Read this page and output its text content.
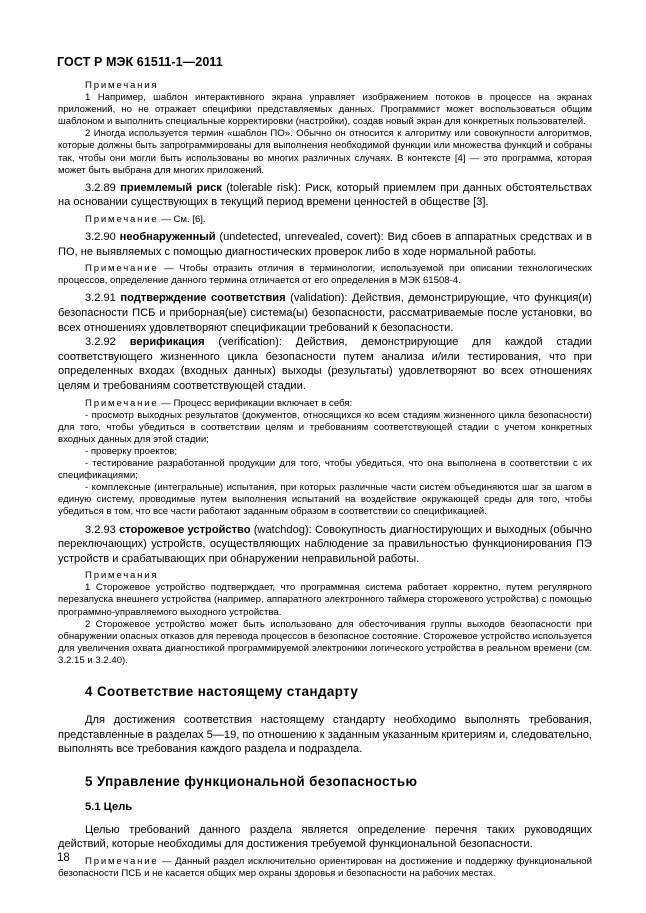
ГОСТ Р МЭК 61511-1—2011

Примечания

1 Например, шаблон интерактивного экрана управляет изображением потоков в процессе на экранах приложений, но не отражает специфики представляемых данных. Программист может воспользоваться общим шаблоном и выполнить специальные корректировки (настройки), создав новый экран для конкретных пользователей.

2 Иногда используется термин «шаблон ПО». Обычно он относится к алгоритму или совокупности алгоритмов, которые должны быть запрограммированы для выполнения необходимой функции или множества функций и собраны так, чтобы они могли быть использованы во многих различных случаях. В контексте [4] — это программа, которая может быть выбрана для многих приложений.

3.2.89 приемлемый риск (tolerable risk): Риск, который приемлем при данных обстоятельствах на основании существующих в текущий период времени ценностей в обществе [3].

Примечание — См. [6].

3.2.90 необнаруженный (undetected, unrevealed, covert): Вид сбоев в аппаратных средствах и в ПО, не выявляемых с помощью диагностических проверок либо в ходе нормальной работы.

Примечание — Чтобы отразить отличия в терминологии, используемой при описании технологических процессов, определение данного термина отличается от его определения в МЭК 61508-4.

3.2.91 подтверждение соответствия (validation): Действия, демонстрирующие, что функция(и) безопасности ПСБ и приборная(ые) система(ы) безопасности, рассматриваемые после установки, во всех отношениях удовлетворяют спецификации требований к безопасности.

3.2.92 верификация (verification): Действия, демонстрирующие для каждой стадии соответствующего жизненного цикла безопасности путем анализа и/или тестирования, что при определенных входах (входных данных) выходы (результаты) удовлетворяют во всех отношениях целям и требованиям соответствующей стадии.

Примечание — Процесс верификации включает в себя:

- просмотр выходных результатов (документов, относящихся ко всем стадиям жизненного цикла безопасности) для того, чтобы убедиться в соответствии целям и требованиям соответствующей стадии с учетом конкретных входных данных для этой стадии;

- проверку проектов;

- тестирование разработанной продукции для того, чтобы убедиться, что она выполнена в соответствии с их спецификациями;

- комплексные (интегральные) испытания, при которых различные части систем объединяются шаг за шагом в единую систему, проводимые путем выполнения испытаний на воздействие окружающей среды для того, чтобы убедиться в том, что все части работают заданным образом в соответствии со спецификацией.

3.2.93 сторожевое устройство (watchdog): Совокупность диагностирующих и выходных (обычно переключающих) устройств, осуществляющих наблюдение за правильностью функционирования ПЭ устройств и срабатывающих при обнаружении неправильной работы.

Примечания

1 Сторожевое устройство подтверждает, что программная система работает корректно, путем регулярного перезапуска внешнего устройства (например, аппаратного электронного таймера сторожевого устройства) с помощью программно-управляемого выходного устройства.

2 Сторожевое устройство может быть использовано для обесточивания группы выходов безопасности при обнаружении опасных отказов для перевода процессов в безопасное состояние. Сторожевое устройство используется для увеличения охвата диагностикой программируемой электроники логического устройства в реальном времени (см. 3.2.15 и 3.2.40).

4 Соответствие настоящему стандарту

Для достижения соответствия настоящему стандарту необходимо выполнять требования, представленные в разделах 5—19, по отношению к заданным указанным критериям и, следовательно, выполнять все требования каждого раздела и подраздела.

5 Управление функциональной безопасностью
5.1 Цель

Целью требований данного раздела является определение перечня таких руководящих действий, которые необходимы для достижения требуемой функциональной безопасности.

Примечание — Данный раздел исключительно ориентирован на достижение и поддержку функциональной безопасности ПСБ и не касается общих мер охраны здоровья и безопасности на рабочих местах.

18
